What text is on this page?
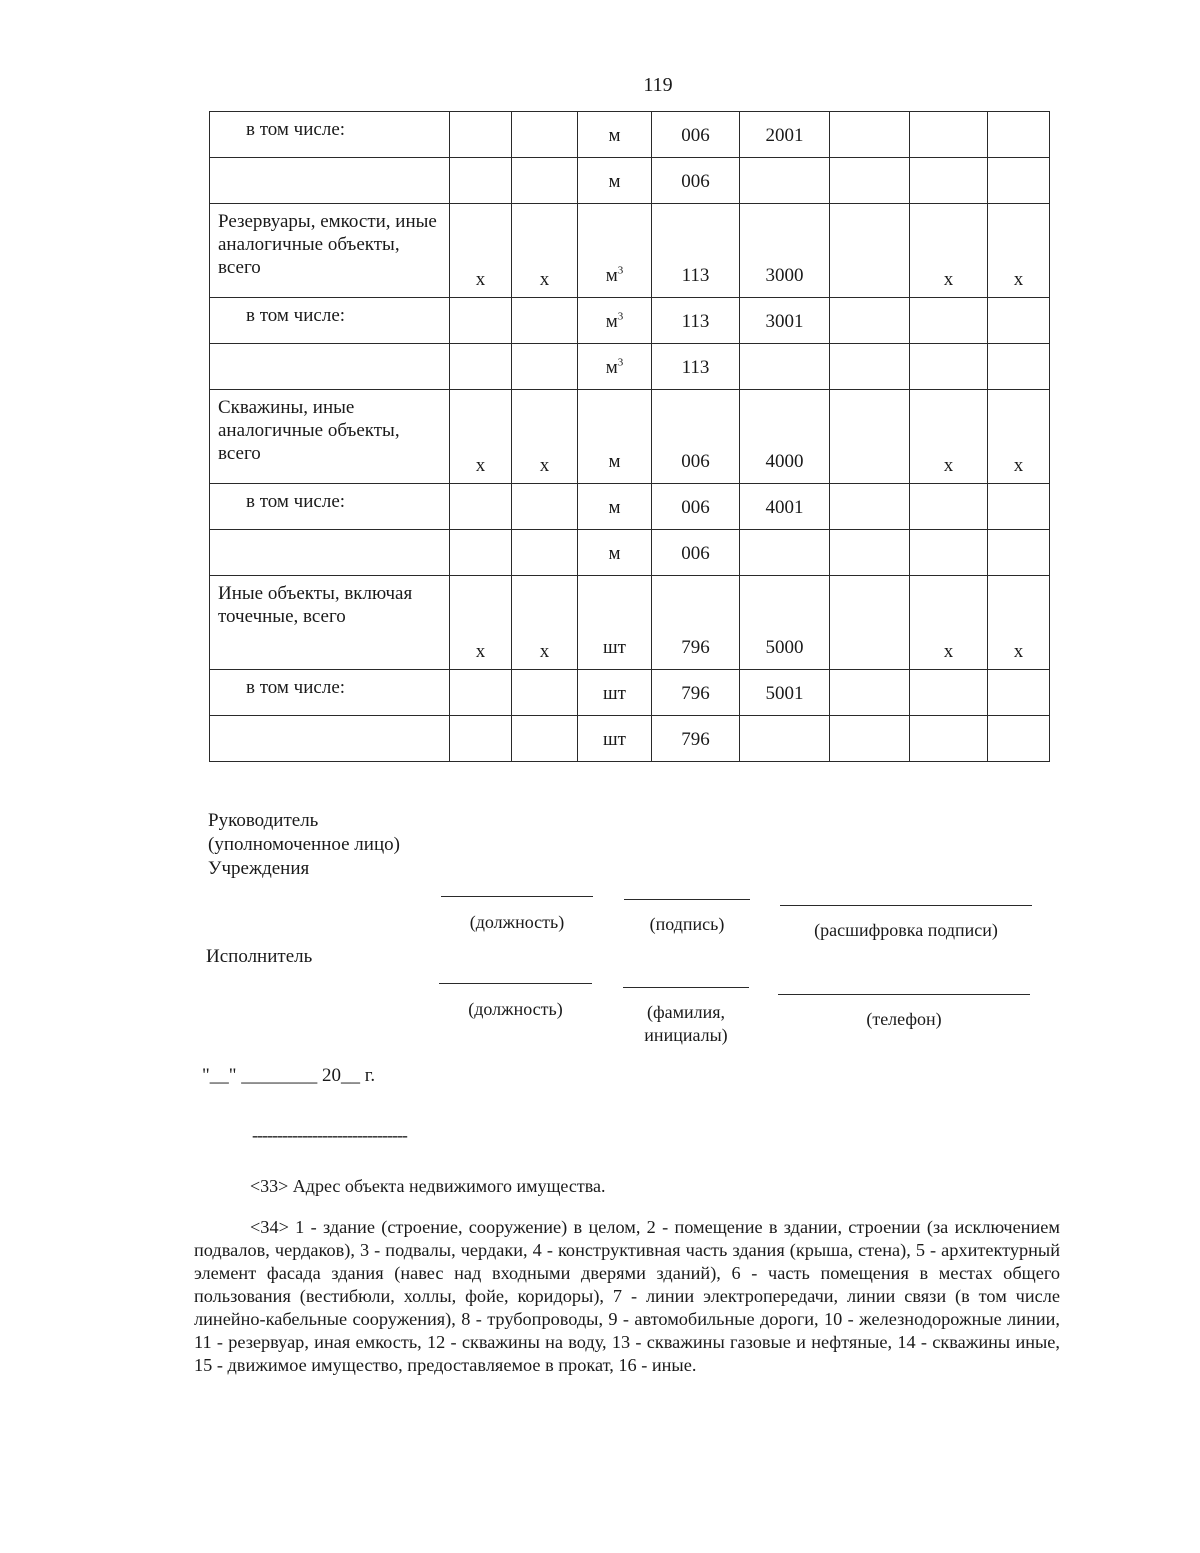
119
в том числе:			м	006	2001			
			м	006				
Резервуары, емкости, иные аналогичные объекты, всего	х	х	$м^3$	113	3000		х	х
в том числе:			$м^3$	113	3001			
			$м^3$	113				
Скважины, иные аналогичные объекты, всего	х	х	м	006	4000		х	х
в том числе:			м	006	4001			
			м	006				
Иные объекты, включая точечные, всего	х	х	шт	796	5000		х	х
в том числе:			шт	796	5001			
			шт	796				
Руководитель
(уполномоченное лицо)
Учреждения
(должность)	(подпись)	(расшифровка подписи)
Исполнитель
(должность)	(фамилия,
инициалы)
(телефон)
"__" ________ 20__ г.
-------------------------------
<33> Адрес объекта недвижимого имущества.
<34> 1 - здание (строение, сооружение) в целом, 2 - помещение в здании, строении (за исключением подвалов, чердаков), 3 - подвалы, чердаки, 4 - конструктивная часть здания (крыша, стена), 5 - архитектурный элемент фасада здания (навес над входными дверями зданий), 6 - часть помещения в местах общего пользования (вестибюли, холлы, фойе, коридоры), 7 - линии электропередачи, линии связи (в том числе линейно-кабельные сооружения), 8 - трубопроводы, 9 - автомобильные дороги, 10 - железнодорожные линии, 11 - резервуар, иная емкость, 12 - скважины на воду, 13 - скважины газовые и нефтяные, 14 - скважины иные, 15 - движимое имущество, предоставляемое в прокат, 16 - иные.
